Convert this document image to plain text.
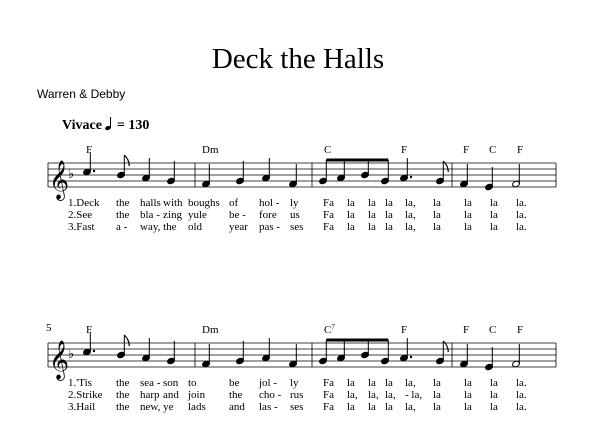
Deck the Halls
Warren & Debby
Vivace = 130
5
𝄞
♭
F	Dm	C	F	F C F
1.Deck the halls with boughs of hol - ly Fa la la la la, la la la la.
2.See the bla - zing yule be - fore us Fa la la la la, la la la la.
3.Fast a - way, the old year pas - ses Fa la la la la, la la la la.
𝄞
♭
F	Dm	$C^7$	F	F C F
1.'Tis the sea - son to	be jol - ly Fa la la la la, la la la la.
2.Strike the harp and join the cho - rus Fa la, la, la, - la, la la la la.
3.Hail the new, ye lads and las - ses Fa la la la la, la la la la.
